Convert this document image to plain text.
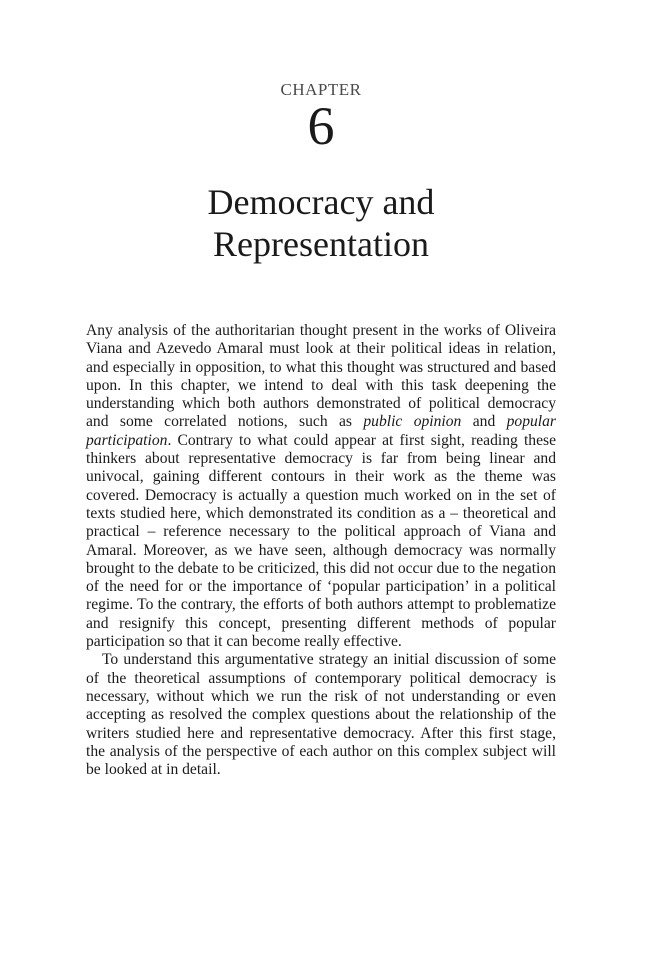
CHAPTER
6
Democracy and
Representation

Any analysis of the authoritarian thought present in the works of Oliveira Viana and Azevedo Amaral must look at their political ideas in relation, and especially in opposition, to what this thought was structured and based upon. In this chapter, we intend to deal with this task deepening the understanding which both authors demonstrated of political democracy and some correlated notions, such as public opinion and popular participation. Contrary to what could appear at first sight, reading these thinkers about representative democracy is far from being linear and univocal, gaining different contours in their work as the theme was covered. Democracy is actually a question much worked on in the set of texts studied here, which demonstrated its condition as a – theoretical and practical – reference necessary to the political approach of Viana and Amaral. Moreover, as we have seen, although democracy was normally brought to the debate to be criticized, this did not occur due to the negation of the need for or the importance of ‘popular participation’ in a political regime. To the contrary, the efforts of both authors attempt to problematize and resignify this concept, presenting different methods of popular participation so that it can become really effective.

To understand this argumentative strategy an initial discussion of some of the theoretical assumptions of contemporary political democracy is necessary, without which we run the risk of not understanding or even accepting as resolved the complex questions about the relationship of the writers studied here and representative democracy. After this first stage, the analysis of the perspective of each author on this complex subject will be looked at in detail.
